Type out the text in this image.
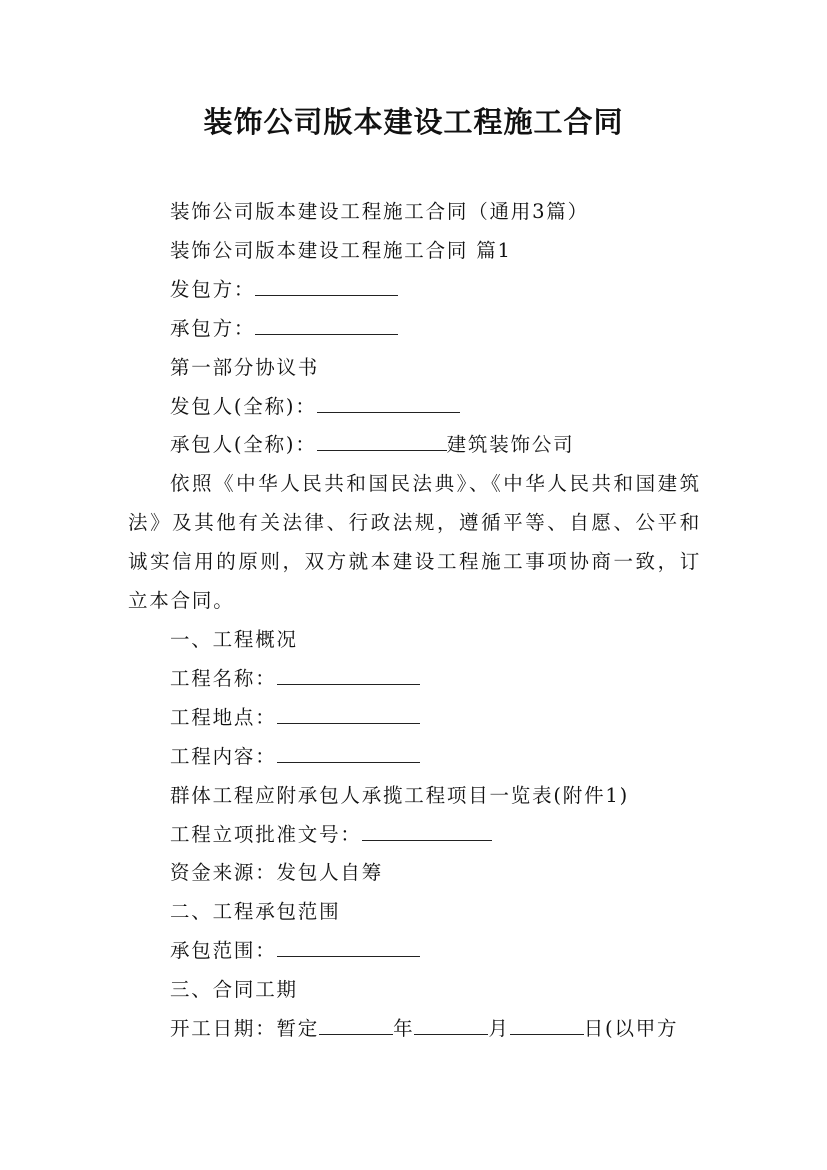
装饰公司版本建设工程施工合同

装饰公司版本建设工程施工合同（通用3篇）

装饰公司版本建设工程施工合同 篇1

发包方：

承包方：

第一部分协议书

发包人(全称)：

承包人(全称)：	建筑装饰公司

依照《中华人民共和国民法典》、《中华人民共和国建筑法》及其他有关法律、行政法规，遵循平等、自愿、公平和诚实信用的原则，双方就本建设工程施工事项协商一致，订立本合同。

一、工程概况

工程名称：

工程地点：

工程内容：

群体工程应附承包人承揽工程项目一览表(附件1)

工程立项批准文号：

资金来源：发包人自筹

二、工程承包范围

承包范围：

三、合同工期

开工日期：暂定	年	月	日(以甲方
